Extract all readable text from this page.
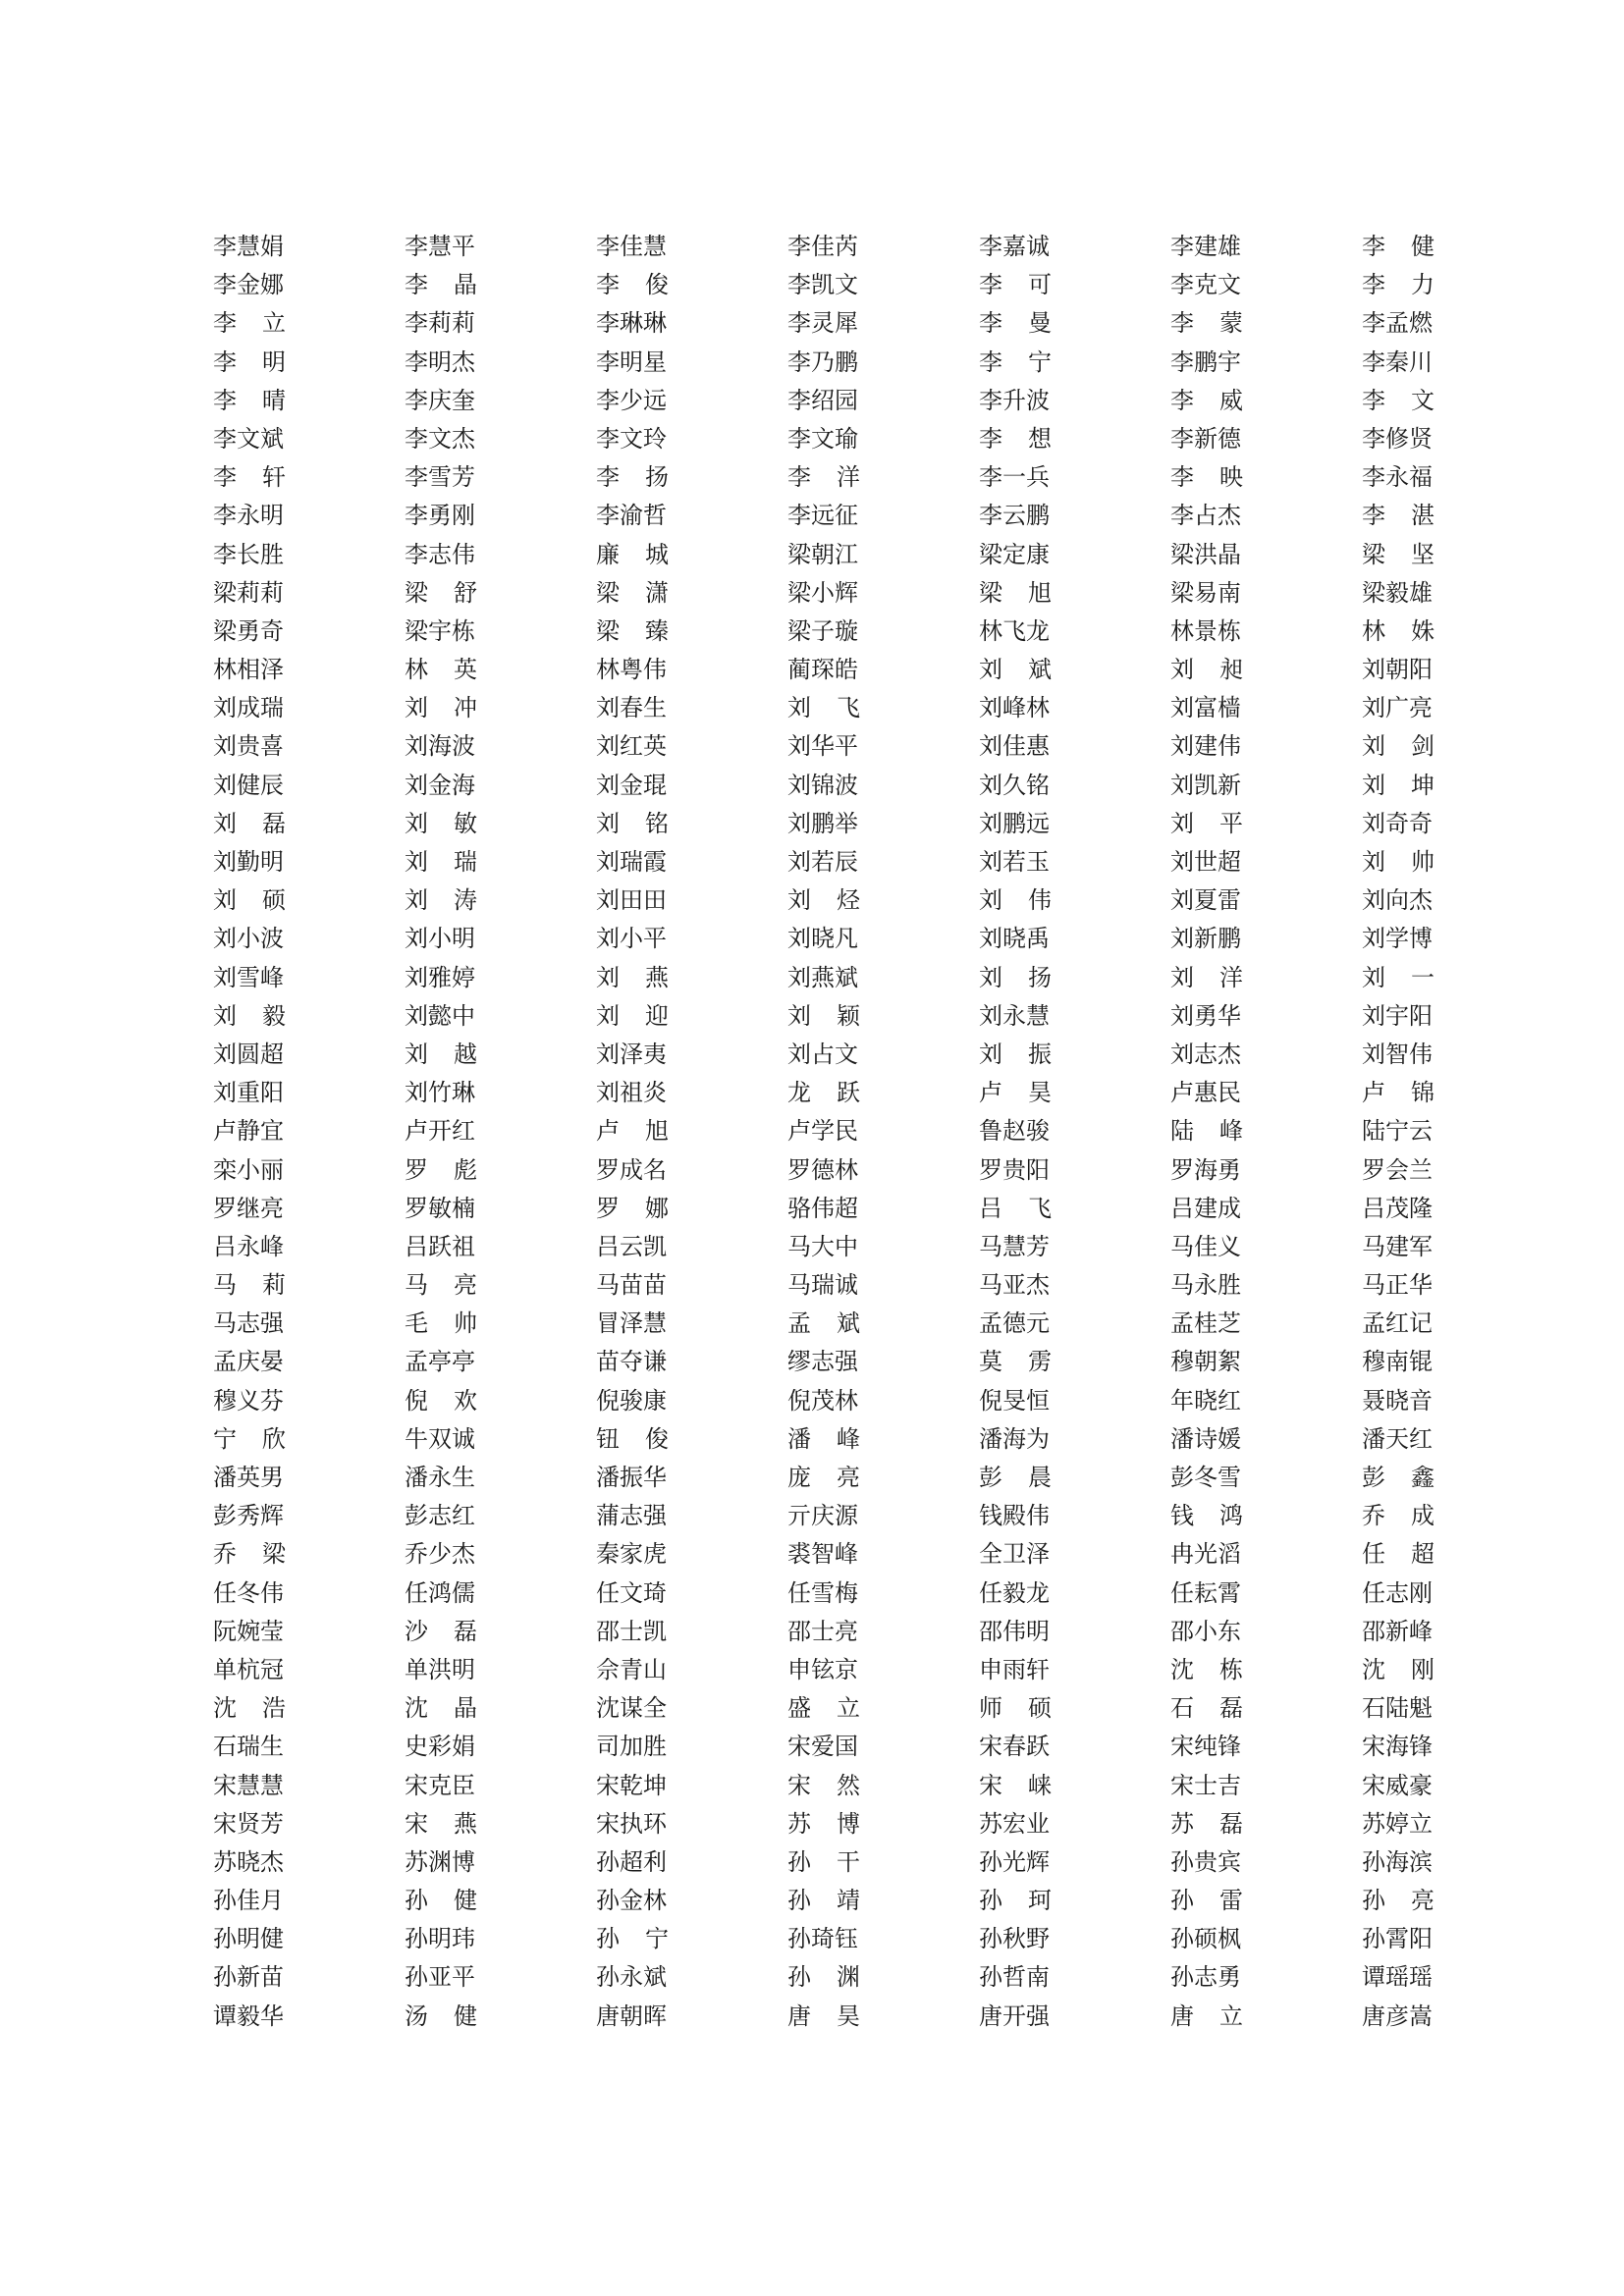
李慧娟	李慧平	李佳慧	李佳芮	李嘉诚	李建雄	李 健
李金娜	李 晶	李 俊	李凯文	李 可	李克文	李 力
李 立	李莉莉	李琳琳	李灵犀	李 曼	李 蒙	李孟燃
李 明	李明杰	李明星	李乃鹏	李 宁	李鹏宇	李秦川
李 晴	李庆奎	李少远	李绍园	李升波	李 威	李 文
李文斌	李文杰	李文玲	李文瑜	李 想	李新德	李修贤
李 轩	李雪芳	李 扬	李 洋	李一兵	李 映	李永福
李永明	李勇刚	李渝哲	李远征	李云鹏	李占杰	李 湛
李长胜	李志伟	廉 城	梁朝江	梁定康	梁洪晶	梁 坚
梁莉莉	梁 舒	梁 潇	梁小辉	梁 旭	梁易南	梁毅雄
梁勇奇	梁宇栋	梁 臻	梁子璇	林飞龙	林景栋	林 姝
林相泽	林 英	林粤伟	蔺琛皓	刘 斌	刘 昶	刘朝阳
刘成瑞	刘 冲	刘春生	刘 飞	刘峰林	刘富樯	刘广亮
刘贵喜	刘海波	刘红英	刘华平	刘佳惠	刘建伟	刘 剑
刘健辰	刘金海	刘金琨	刘锦波	刘久铭	刘凯新	刘 坤
刘 磊	刘 敏	刘 铭	刘鹏举	刘鹏远	刘 平	刘奇奇
刘勤明	刘 瑞	刘瑞霞	刘若辰	刘若玉	刘世超	刘 帅
刘 硕	刘 涛	刘田田	刘 烃	刘 伟	刘夏雷	刘向杰
刘小波	刘小明	刘小平	刘晓凡	刘晓禹	刘新鹏	刘学博
刘雪峰	刘雅婷	刘 燕	刘燕斌	刘 扬	刘 洋	刘 一
刘 毅	刘懿中	刘 迎	刘 颖	刘永慧	刘勇华	刘宇阳
刘圆超	刘 越	刘泽夷	刘占文	刘 振	刘志杰	刘智伟
刘重阳	刘竹琳	刘祖炎	龙 跃	卢 昊	卢惠民	卢 锦
卢静宜	卢开红	卢 旭	卢学民	鲁赵骏	陆 峰	陆宁云
栾小丽	罗 彪	罗成名	罗德林	罗贵阳	罗海勇	罗会兰
罗继亮	罗敏楠	罗 娜	骆伟超	吕 飞	吕建成	吕茂隆
吕永峰	吕跃祖	吕云凯	马大中	马慧芳	马佳义	马建军
马 莉	马 亮	马苗苗	马瑞诚	马亚杰	马永胜	马正华
马志强	毛 帅	冒泽慧	孟 斌	孟德元	孟桂芝	孟红记
孟庆晏	孟亭亭	苗夺谦	缪志强	莫 雳	穆朝絮	穆南锟
穆义芬	倪 欢	倪骏康	倪茂林	倪旻恒	年晓红	聂晓音
宁 欣	牛双诚	钮 俊	潘 峰	潘海为	潘诗媛	潘天红
潘英男	潘永生	潘振华	庞 亮	彭 晨	彭冬雪	彭 鑫
彭秀辉	彭志红	蒲志强	亓庆源	钱殿伟	钱 鸿	乔 成
乔 梁	乔少杰	秦家虎	裘智峰	全卫泽	冉光滔	任 超
任冬伟	任鸿儒	任文琦	任雪梅	任毅龙	任耘霄	任志刚
阮婉莹	沙 磊	邵士凯	邵士亮	邵伟明	邵小东	邵新峰
单杭冠	单洪明	佘青山	申铉京	申雨轩	沈 栋	沈 刚
沈 浩	沈 晶	沈谋全	盛 立	师 硕	石 磊	石陆魁
石瑞生	史彩娟	司加胜	宋爱国	宋春跃	宋纯锋	宋海锋
宋慧慧	宋克臣	宋乾坤	宋 然	宋 崃	宋士吉	宋威豪
宋贤芳	宋 燕	宋执环	苏 博	苏宏业	苏 磊	苏婷立
苏晓杰	苏渊博	孙超利	孙 干	孙光辉	孙贵宾	孙海滨
孙佳月	孙 健	孙金林	孙 靖	孙 珂	孙 雷	孙 亮
孙明健	孙明玮	孙 宁	孙琦钰	孙秋野	孙硕枫	孙霄阳
孙新苗	孙亚平	孙永斌	孙 渊	孙哲南	孙志勇	谭瑶瑶
谭毅华	汤 健	唐朝晖	唐 昊	唐开强	唐 立	唐彦嵩
